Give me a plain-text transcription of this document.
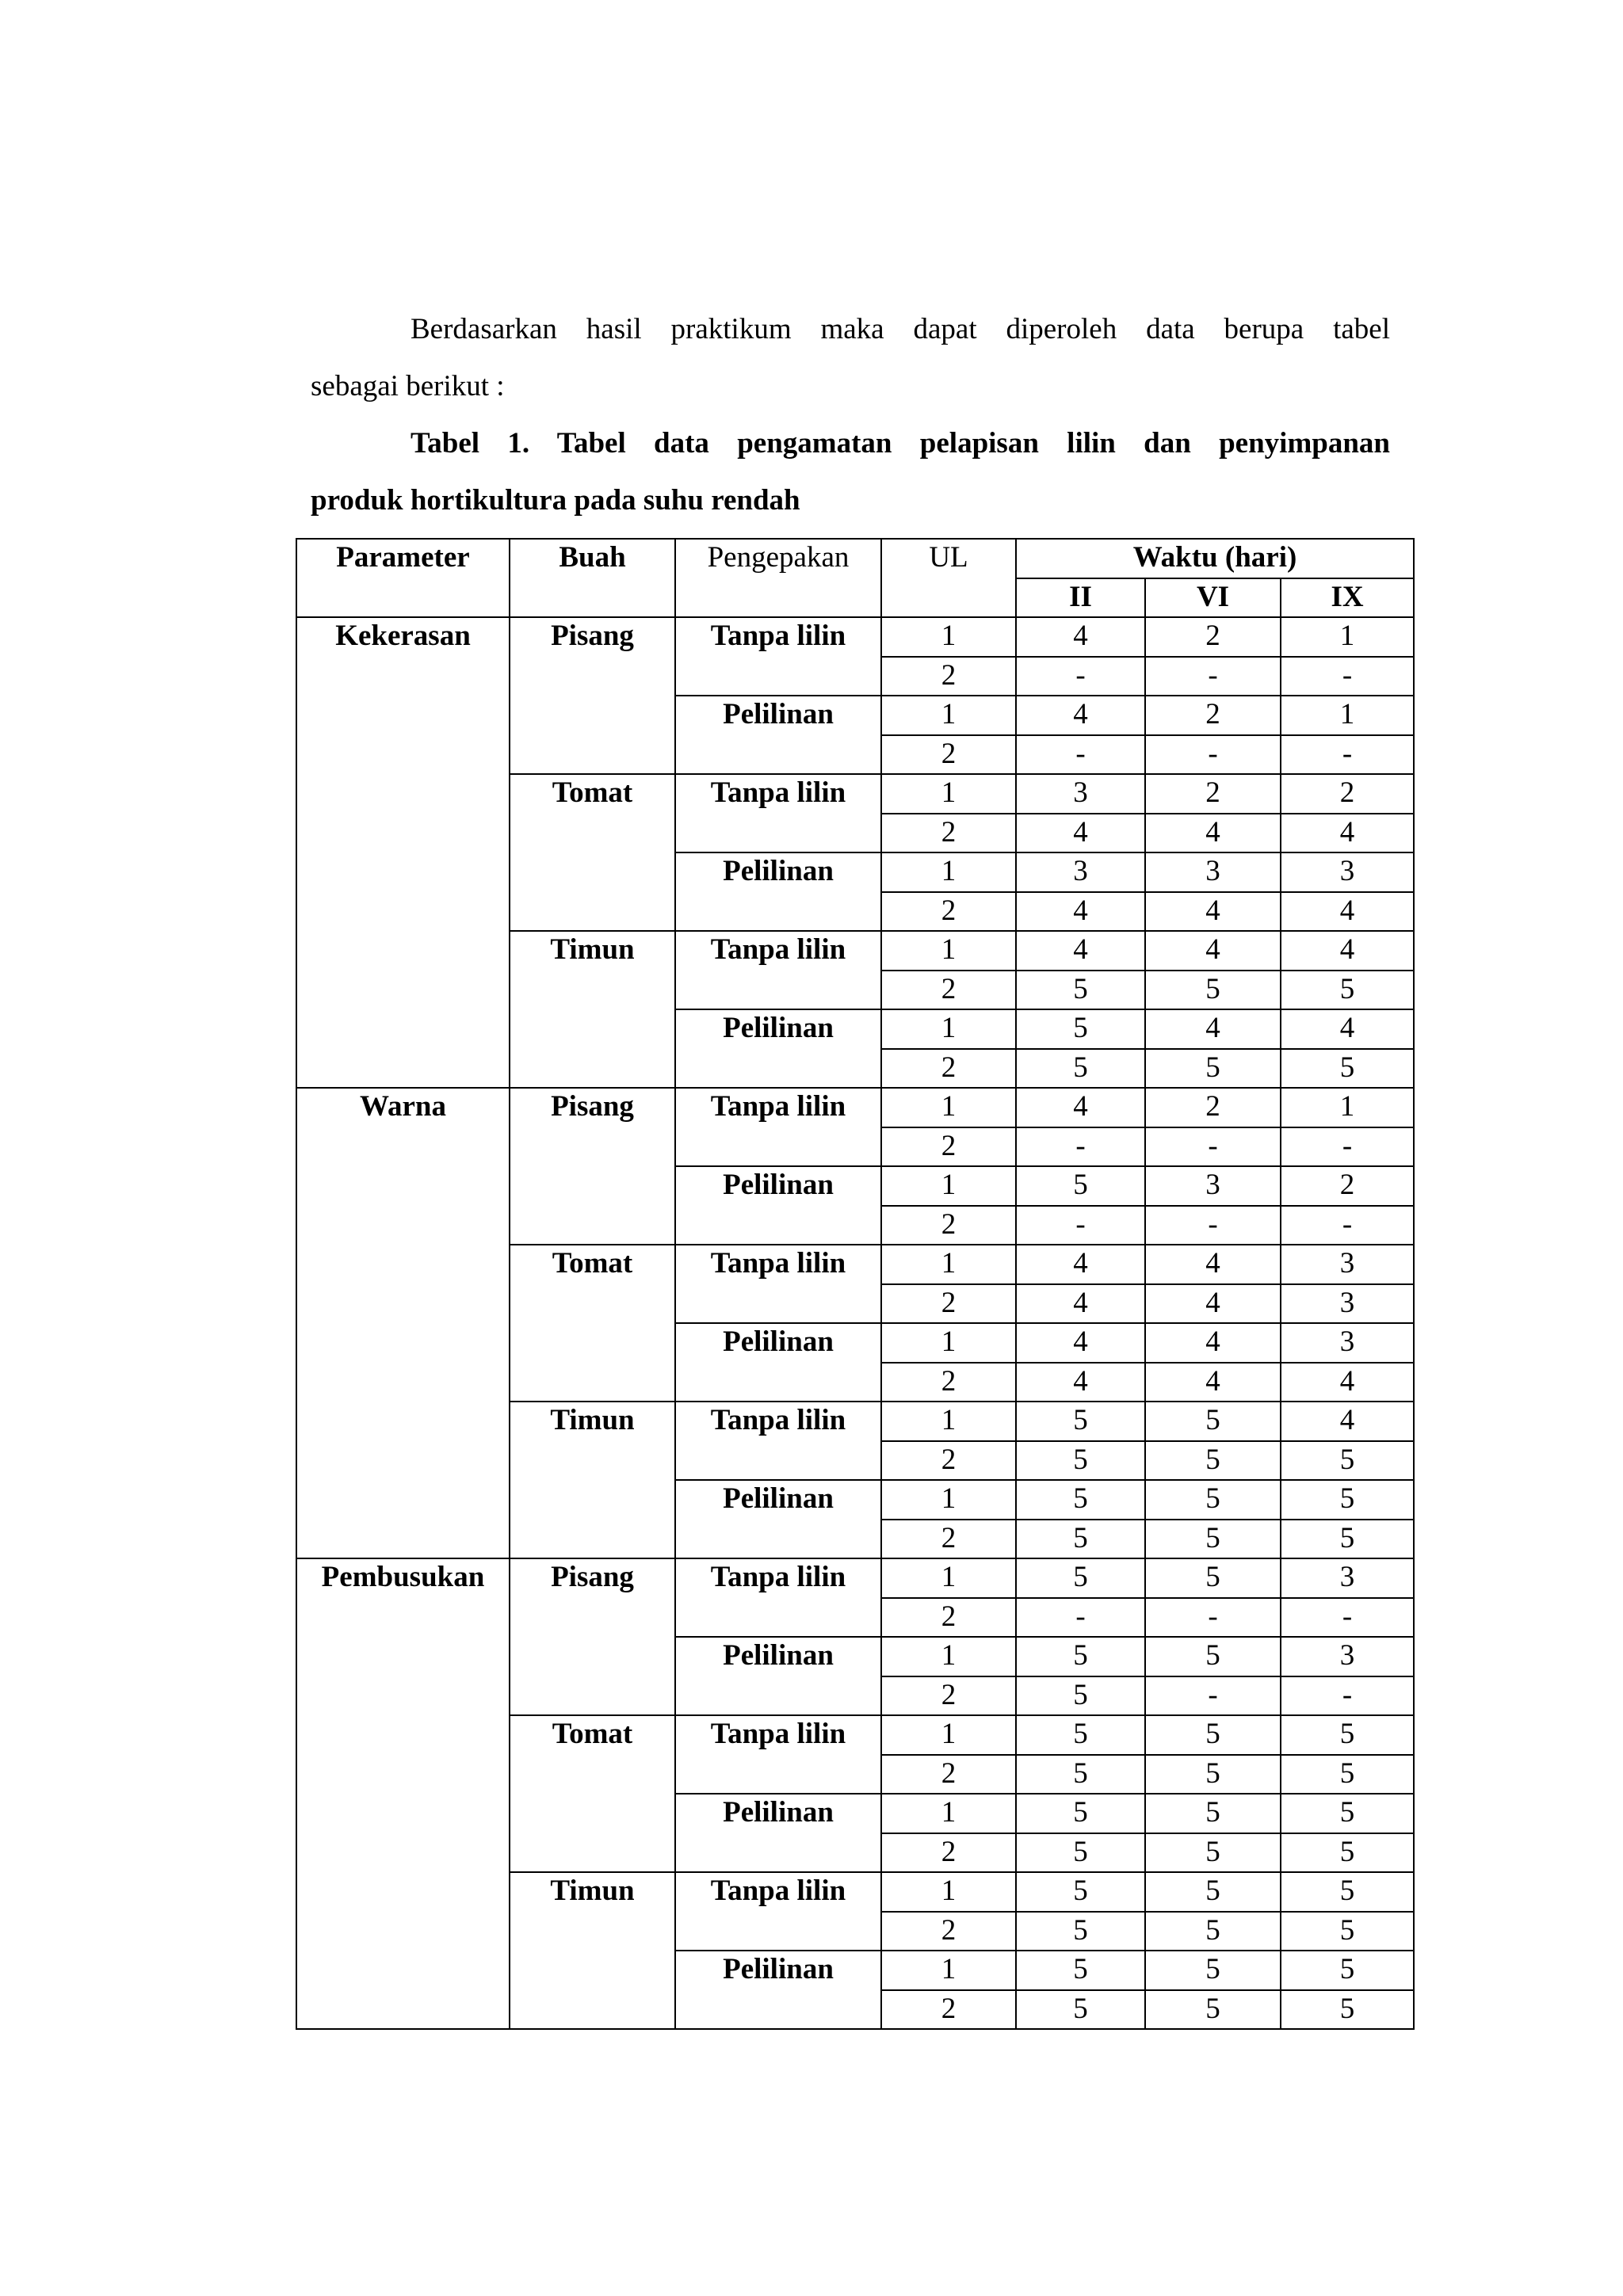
Berdasarkan hasil praktikum maka dapat diperoleh data berupa tabel

sebagai berikut :

Tabel 1. Tabel data pengamatan pelapisan lilin dan penyimpanan

produk hortikultura pada suhu rendah

Parameter	Buah	Pengepakan	UL	Waktu (hari)		
				II	VI	IX
Kekerasan	Pisang	Tanpa lilin	1	4	2	1
			2	-	-	-
		Pelilinan	1	4	2	1
			2	-	-	-
	Tomat	Tanpa lilin	1	3	2	2
			2	4	4	4
		Pelilinan	1	3	3	3
			2	4	4	4
	Timun	Tanpa lilin	1	4	4	4
			2	5	5	5
		Pelilinan	1	5	4	4
			2	5	5	5
Warna	Pisang	Tanpa lilin	1	4	2	1
			2	-	-	-
		Pelilinan	1	5	3	2
			2	-	-	-
	Tomat	Tanpa lilin	1	4	4	3
			2	4	4	3
		Pelilinan	1	4	4	3
			2	4	4	4
	Timun	Tanpa lilin	1	5	5	4
			2	5	5	5
		Pelilinan	1	5	5	5
			2	5	5	5
Pembusukan	Pisang	Tanpa lilin	1	5	5	3
			2	-	-	-
		Pelilinan	1	5	5	3
			2	5	-	-
	Tomat	Tanpa lilin	1	5	5	5
			2	5	5	5
		Pelilinan	1	5	5	5
			2	5	5	5
	Timun	Tanpa lilin	1	5	5	5
			2	5	5	5
		Pelilinan	1	5	5	5
			2	5	5	5
